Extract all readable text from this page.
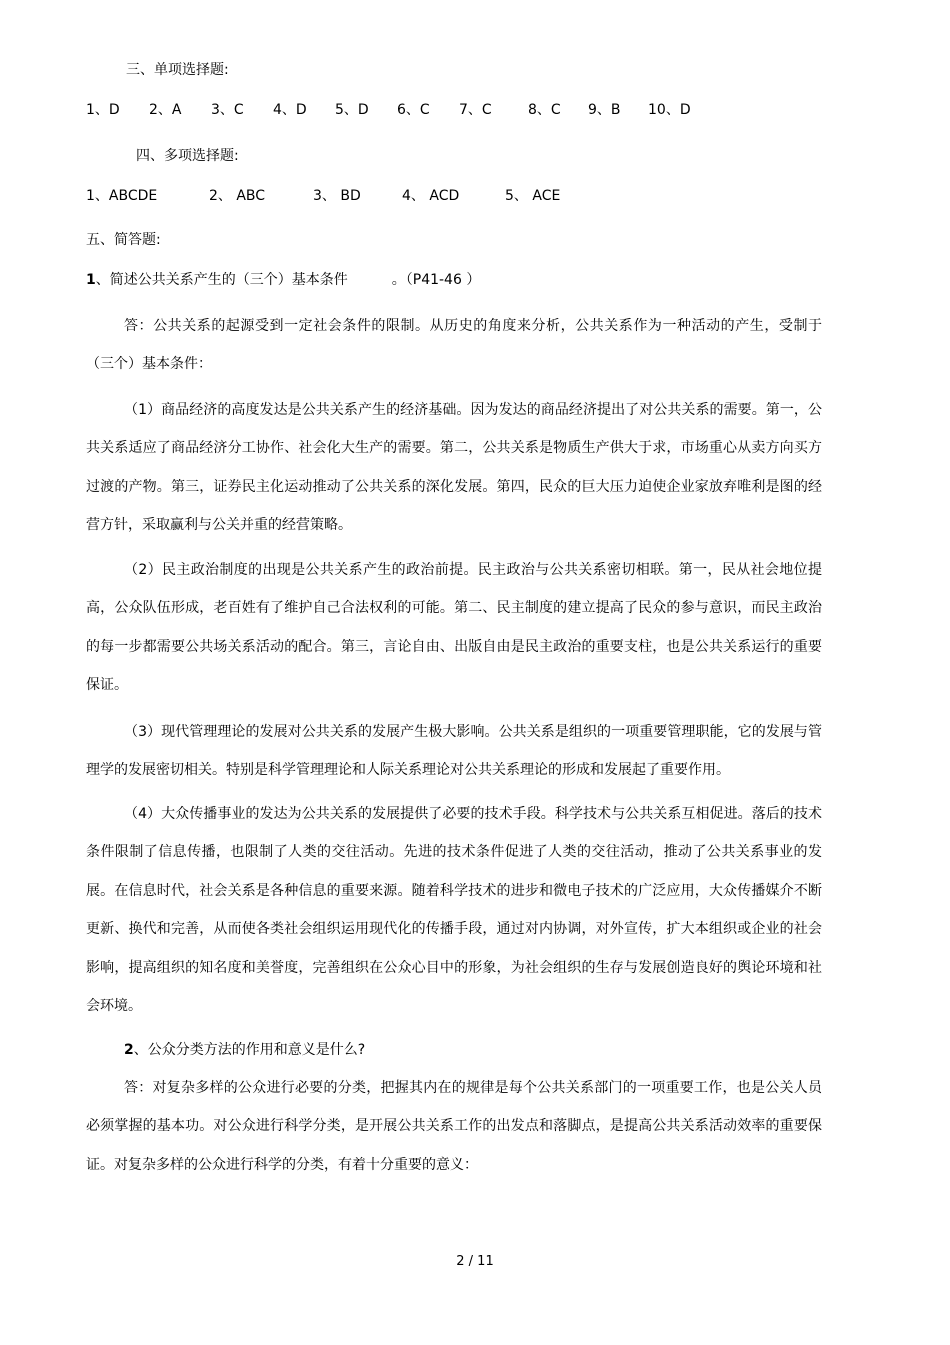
三、单项选择题:
1、D 2、A 3、C 4、D 5、D 6、C 7、C	8、C 9、B 10、D
四、多项选择题:
1、ABCDE	2、 ABC	3、 BD	4、 ACD	5、 ACE
五、简答题:
1、简述公共关系产生的（三个）基本条件	。（P41-46 ）

答：公共关系的起源受到一定社会条件的限制。从历史的角度来分析，公共关系作为一种活动的产生，受制于（三个）基本条件：

（1）商品经济的高度发达是公共关系产生的经济基础。因为发达的商品经济提出了对公共关系的需要。第一，公共关系适应了商品经济分工协作、社会化大生产的需要。第二，公共关系是物质生产供大于求，市场重心从卖方向买方过渡的产物。第三，证券民主化运动推动了公共关系的深化发展。第四，民众的巨大压力迫使企业家放弃唯利是图的经营方针，采取赢利与公关并重的经营策略。

（2）民主政治制度的出现是公共关系产生的政治前提。民主政治与公共关系密切相联。第一，民从社会地位提高，公众队伍形成，老百姓有了维护自己合法权利的可能。第二、民主制度的建立提高了民众的参与意识，而民主政治的每一步都需要公共场关系活动的配合。第三，言论自由、出版自由是民主政治的重要支柱，也是公共关系运行的重要保证。

（3）现代管理理论的发展对公共关系的发展产生极大影响。公共关系是组织的一项重要管理职能，它的发展与管理学的发展密切相关。特别是科学管理理论和人际关系理论对公共关系理论的形成和发展起了重要作用。

（4）大众传播事业的发达为公共关系的发展提供了必要的技术手段。科学技术与公共关系互相促进。落后的技术条件限制了信息传播，也限制了人类的交往活动。先进的技术条件促进了人类的交往活动，推动了公共关系事业的发展。在信息时代，社会关系是各种信息的重要来源。随着科学技术的进步和微电子技术的广泛应用，大众传播媒介不断更新、换代和完善，从而使各类社会组织运用现代化的传播手段，通过对内协调，对外宣传，扩大本组织或企业的社会影响，提高组织的知名度和美誉度，完善组织在公众心目中的形象，为社会组织的生存与发展创造良好的舆论环境和社会环境。

2、公众分类方法的作用和意义是什么?

答：对复杂多样的公众进行必要的分类，把握其内在的规律是每个公共关系部门的一项重要工作，也是公关人员必须掌握的基本功。对公众进行科学分类，是开展公共关系工作的出发点和落脚点，是提高公共关系活动效率的重要保证。对复杂多样的公众进行科学的分类，有着十分重要的意义：

2 / 11
